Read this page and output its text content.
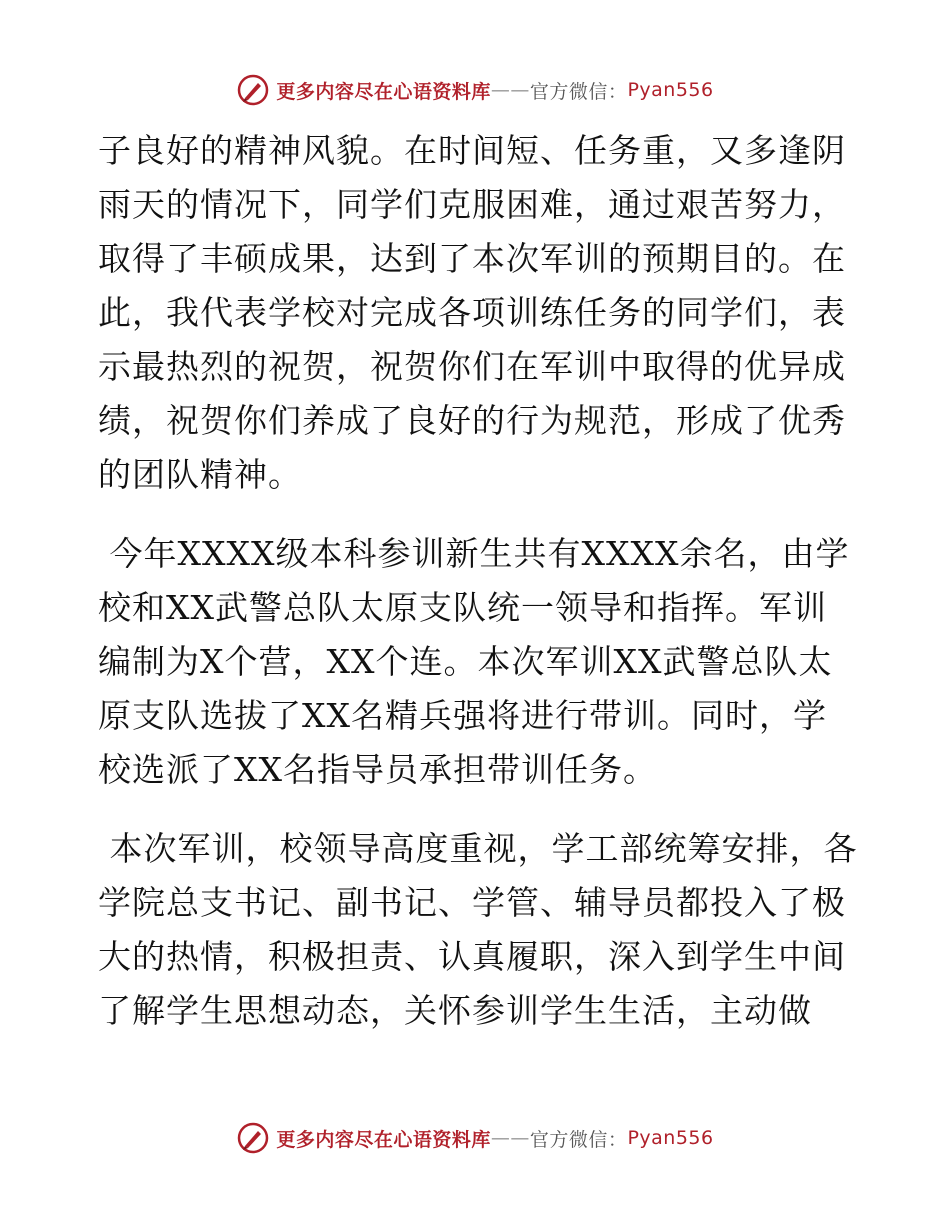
更多内容尽在心语资料库 —— 官方微信： Pyan556

子良好的精神风貌。在时间短、任务重，又多逢阴雨天的情况下，同学们克服困难，通过艰苦努力，取得了丰硕成果，达到了本次军训的预期目的。在此，我代表学校对完成各项训练任务的同学们，表示最热烈的祝贺，祝贺你们在军训中取得的优异成绩，祝贺你们养成了良好的行为规范，形成了优秀的团队精神。

今年XXXX级本科参训新生共有XXXX余名，由学校和XX武警总队太原支队统一领导和指挥。军训编制为X个营，XX个连。本次军训XX武警总队太原支队选拔了XX名精兵强将进行带训。同时，学校选派了XX名指导员承担带训任务。

本次军训，校领导高度重视，学工部统筹安排，各学院总支书记、副书记、学管、辅导员都投入了极大的热情，积极担责、认真履职，深入到学生中间了解学生思想动态，关怀参训学生生活，主动做

更多内容尽在心语资料库 —— 官方微信： Pyan556
